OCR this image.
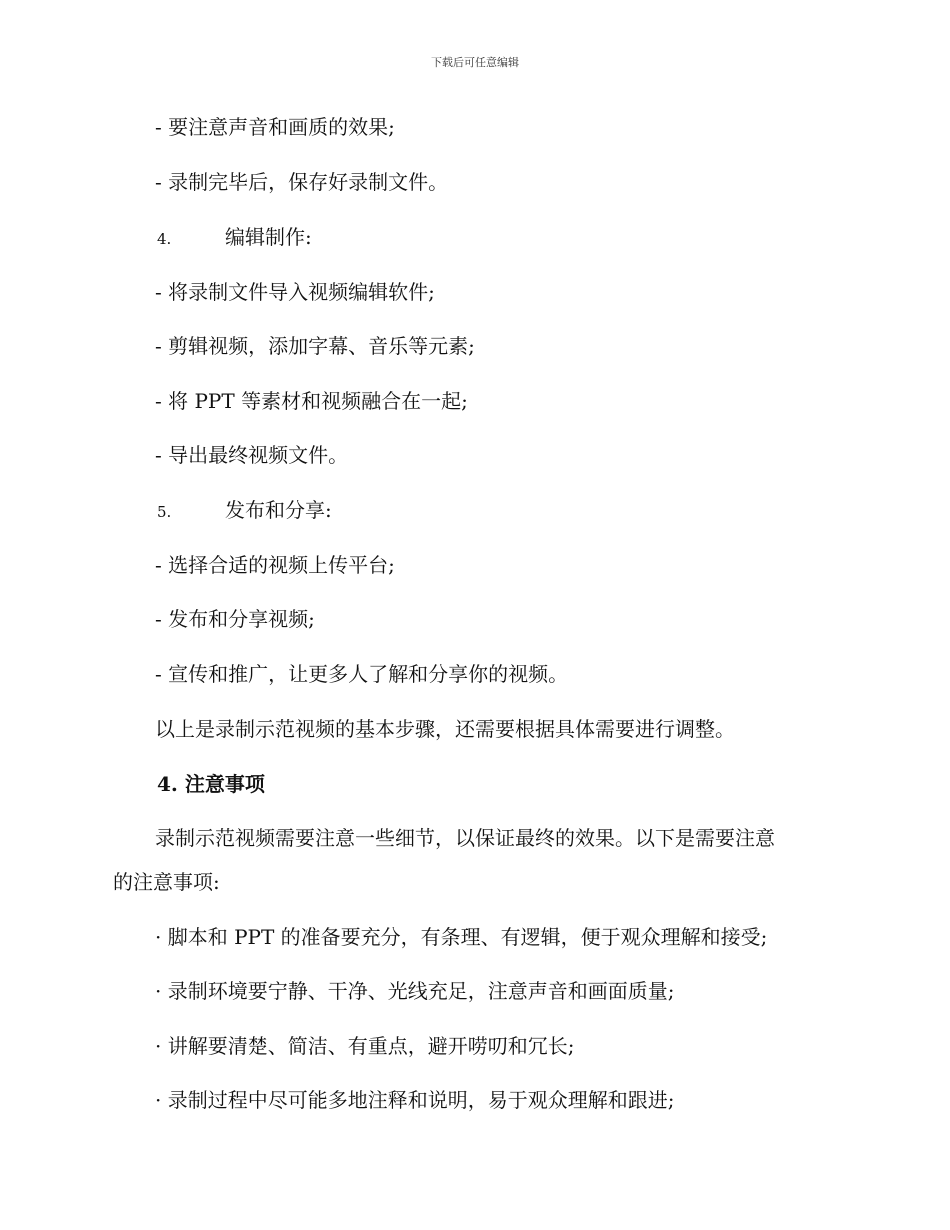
下载后可任意编辑
- 要注意声音和画质的效果;
- 录制完毕后，保存好录制文件。
4.	编辑制作:
- 将录制文件导入视频编辑软件;
- 剪辑视频，添加字幕、音乐等元素;
- 将 PPT 等素材和视频融合在一起;
- 导出最终视频文件。
5.	发布和分享:
- 选择合适的视频上传平台;
- 发布和分享视频;
- 宣传和推广，让更多人了解和分享你的视频。
以上是录制示范视频的基本步骤，还需要根据具体需要进行调整。
4. 注意事项
录制示范视频需要注意一些细节，以保证最终的效果。以下是需要注意
的注意事项:
· 脚本和 PPT 的准备要充分，有条理、有逻辑，便于观众理解和接受;
· 录制环境要宁静、干净、光线充足，注意声音和画面质量;
· 讲解要清楚、简洁、有重点，避开唠叨和冗长;
· 录制过程中尽可能多地注释和说明，易于观众理解和跟进;
